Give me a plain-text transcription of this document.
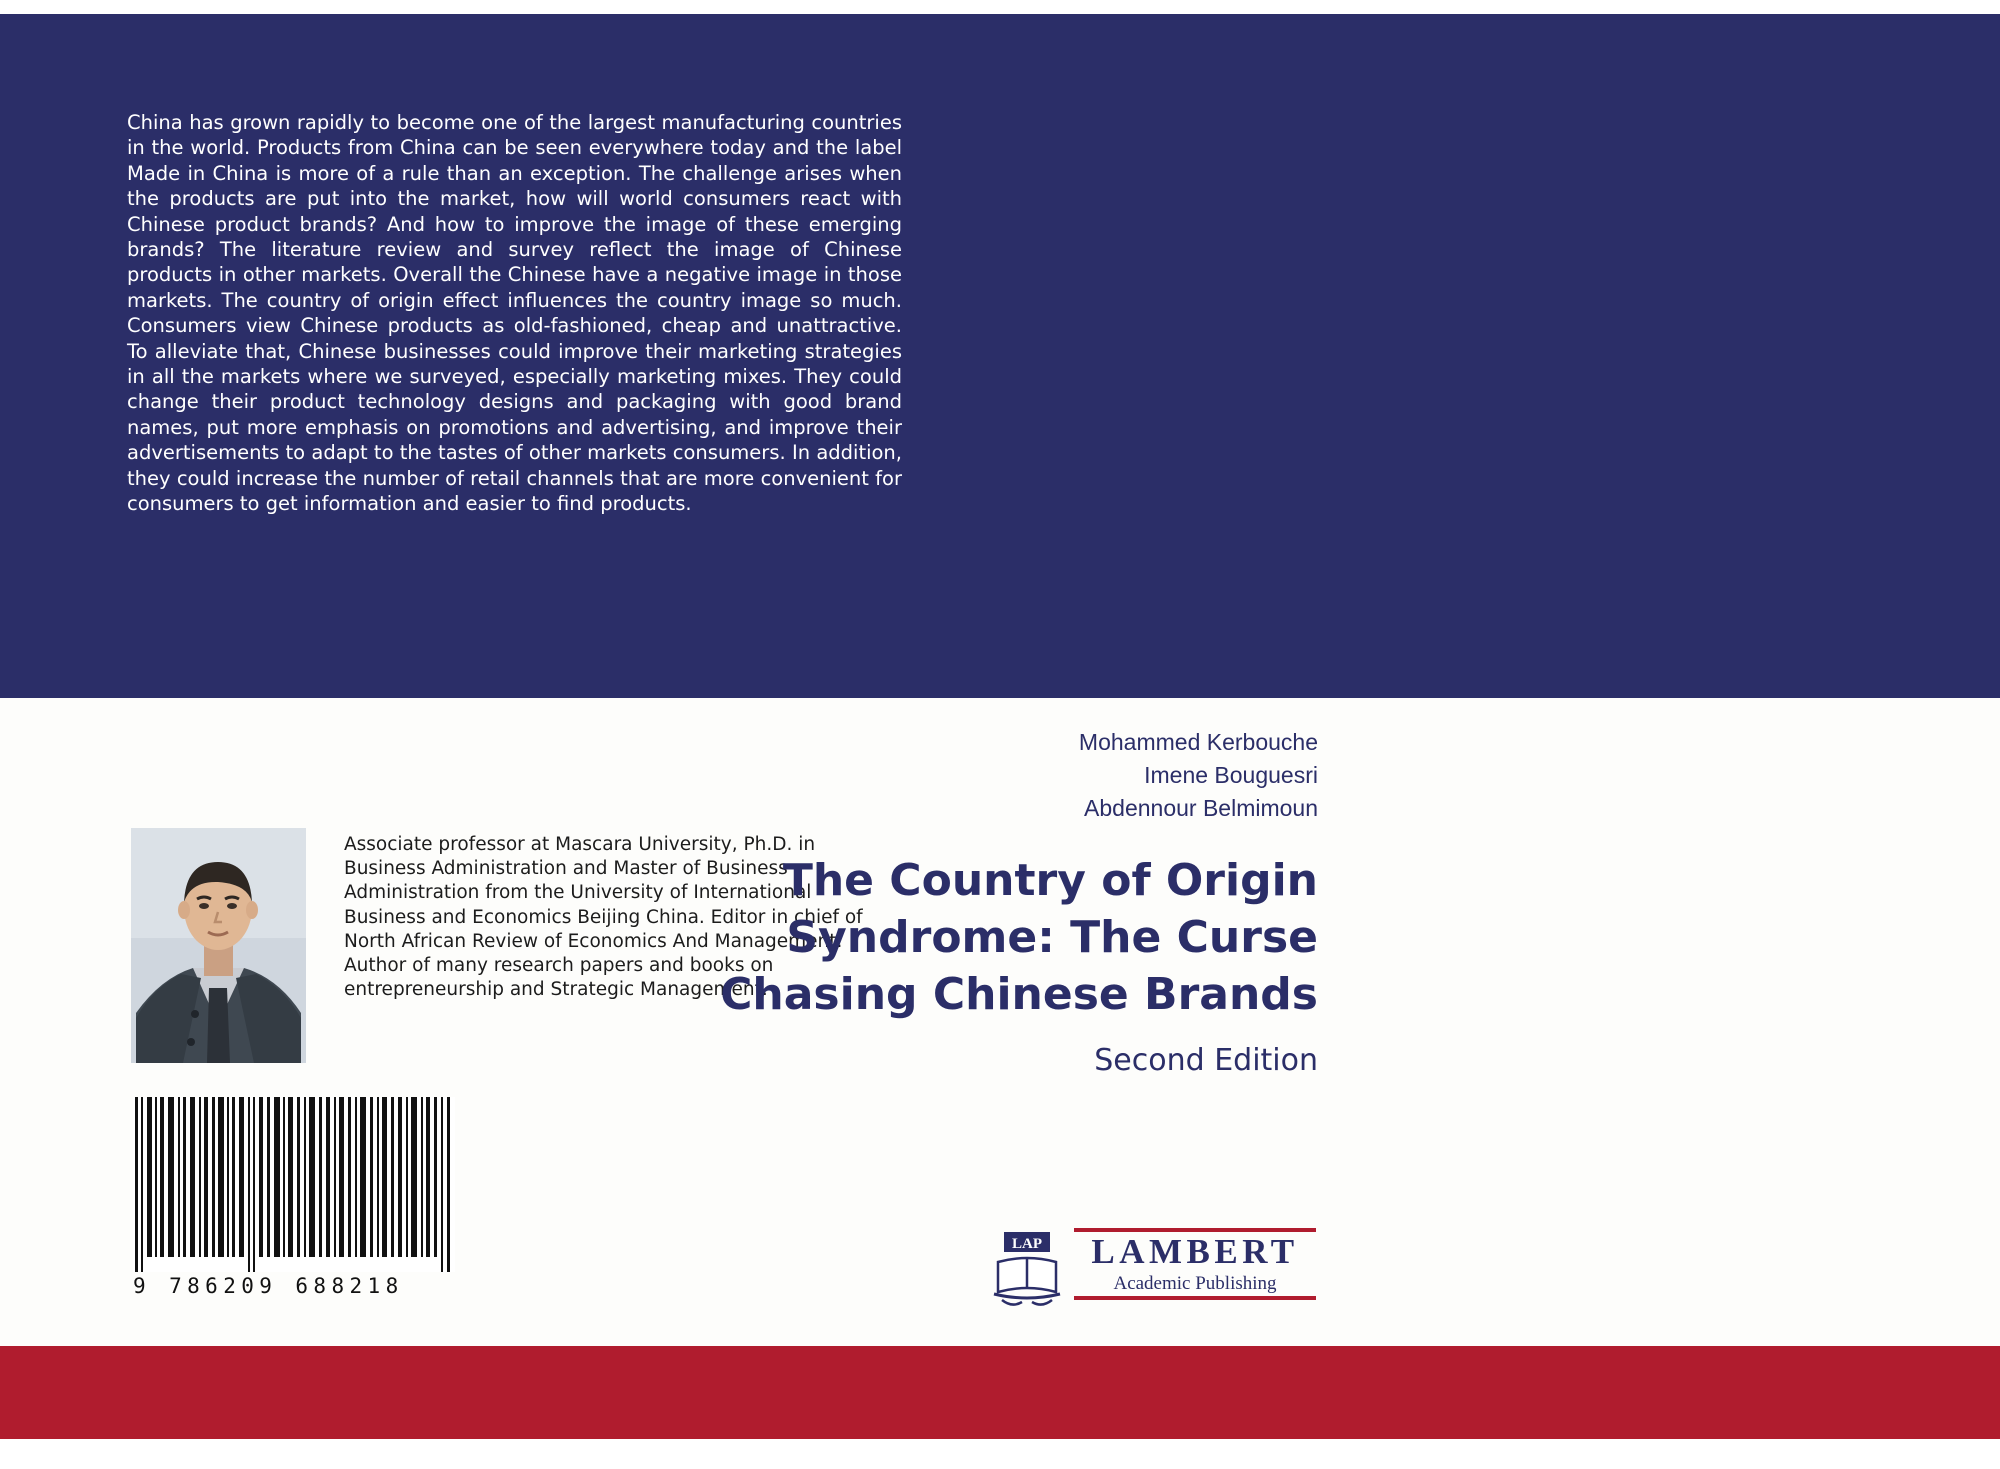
China has grown rapidly to become one of the largest manufacturing countries in the world. Products from China can be seen everywhere today and the label Made in China is more of a rule than an exception. The challenge arises when the products are put into the market, how will world consumers react with Chinese product brands? And how to improve the image of these emerging brands? The literature review and survey reflect the image of Chinese products in other markets. Overall the Chinese have a negative image in those markets. The country of origin effect influences the country image so much. Consumers view Chinese products as old-fashioned, cheap and unattractive. To alleviate that, Chinese businesses could improve their marketing strategies in all the markets where we surveyed, especially marketing mixes. They could change their product technology designs and packaging with good brand names, put more emphasis on promotions and advertising, and improve their advertisements to adapt to the tastes of other markets consumers. In addition, they could increase the number of retail channels that are more convenient for consumers to get information and easier to find products.
Associate professor at Mascara University, Ph.D. in Business Administration and Master of Business Administration from the University of International Business and Economics Beijing China. Editor in chief of North African Review of Economics And Management. Author of many research papers and books on entrepreneurship and Strategic Management.
9 786209 688218
Mohammed Kerbouche
Imene Bouguesri
Abdennour Belmimoun
The Country of Origin
Syndrome: The Curse
Chasing Chinese Brands
Second Edition
LAP	LAMBERT
Academic Publishing
